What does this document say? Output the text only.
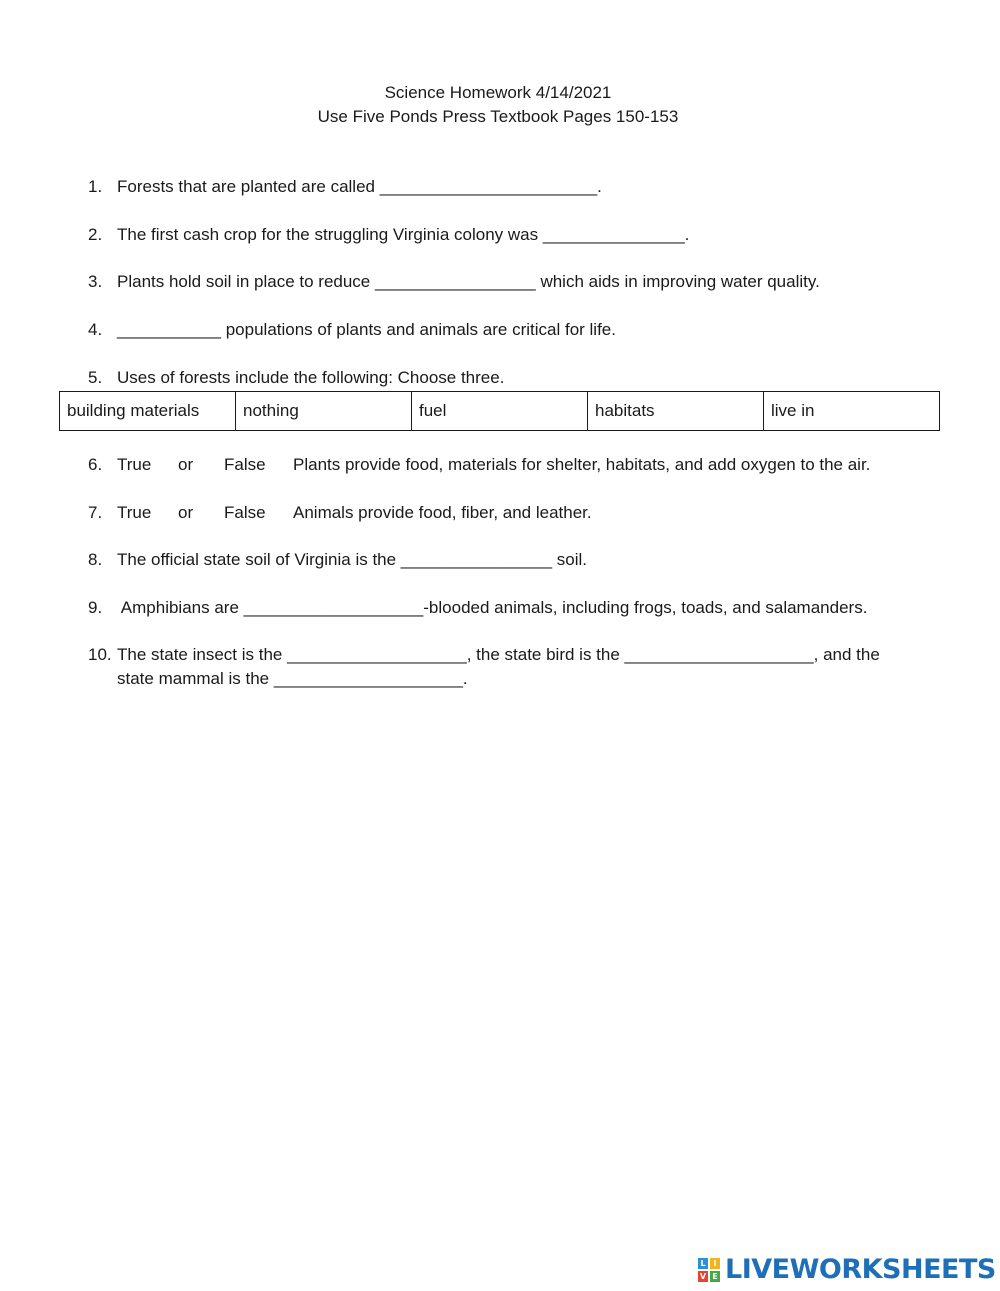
Science Homework 4/14/2021
Use Five Ponds Press Textbook Pages 150-153
1. Forests that are planted are called _______________________.
2. The first cash crop for the struggling Virginia colony was _______________.
3. Plants hold soil in place to reduce _________________ which aids in improving water quality.
4. ___________ populations of plants and animals are critical for life.
5. Uses of forests include the following: Choose three.
building materials	nothing	fuel	habitats	live in
6. True or False Plants provide food, materials for shelter, habitats, and add oxygen to the air.
7. True or False Animals provide food, fiber, and leather.
8. The official state soil of Virginia is the ________________ soil.
9. Amphibians are ___________________-blooded animals, including frogs, toads, and salamanders.
10. The state insect is the ___________________, the state bird is the ____________________, and the
state mammal is the ____________________.
L I
V E LIVEWORKSHEETS
